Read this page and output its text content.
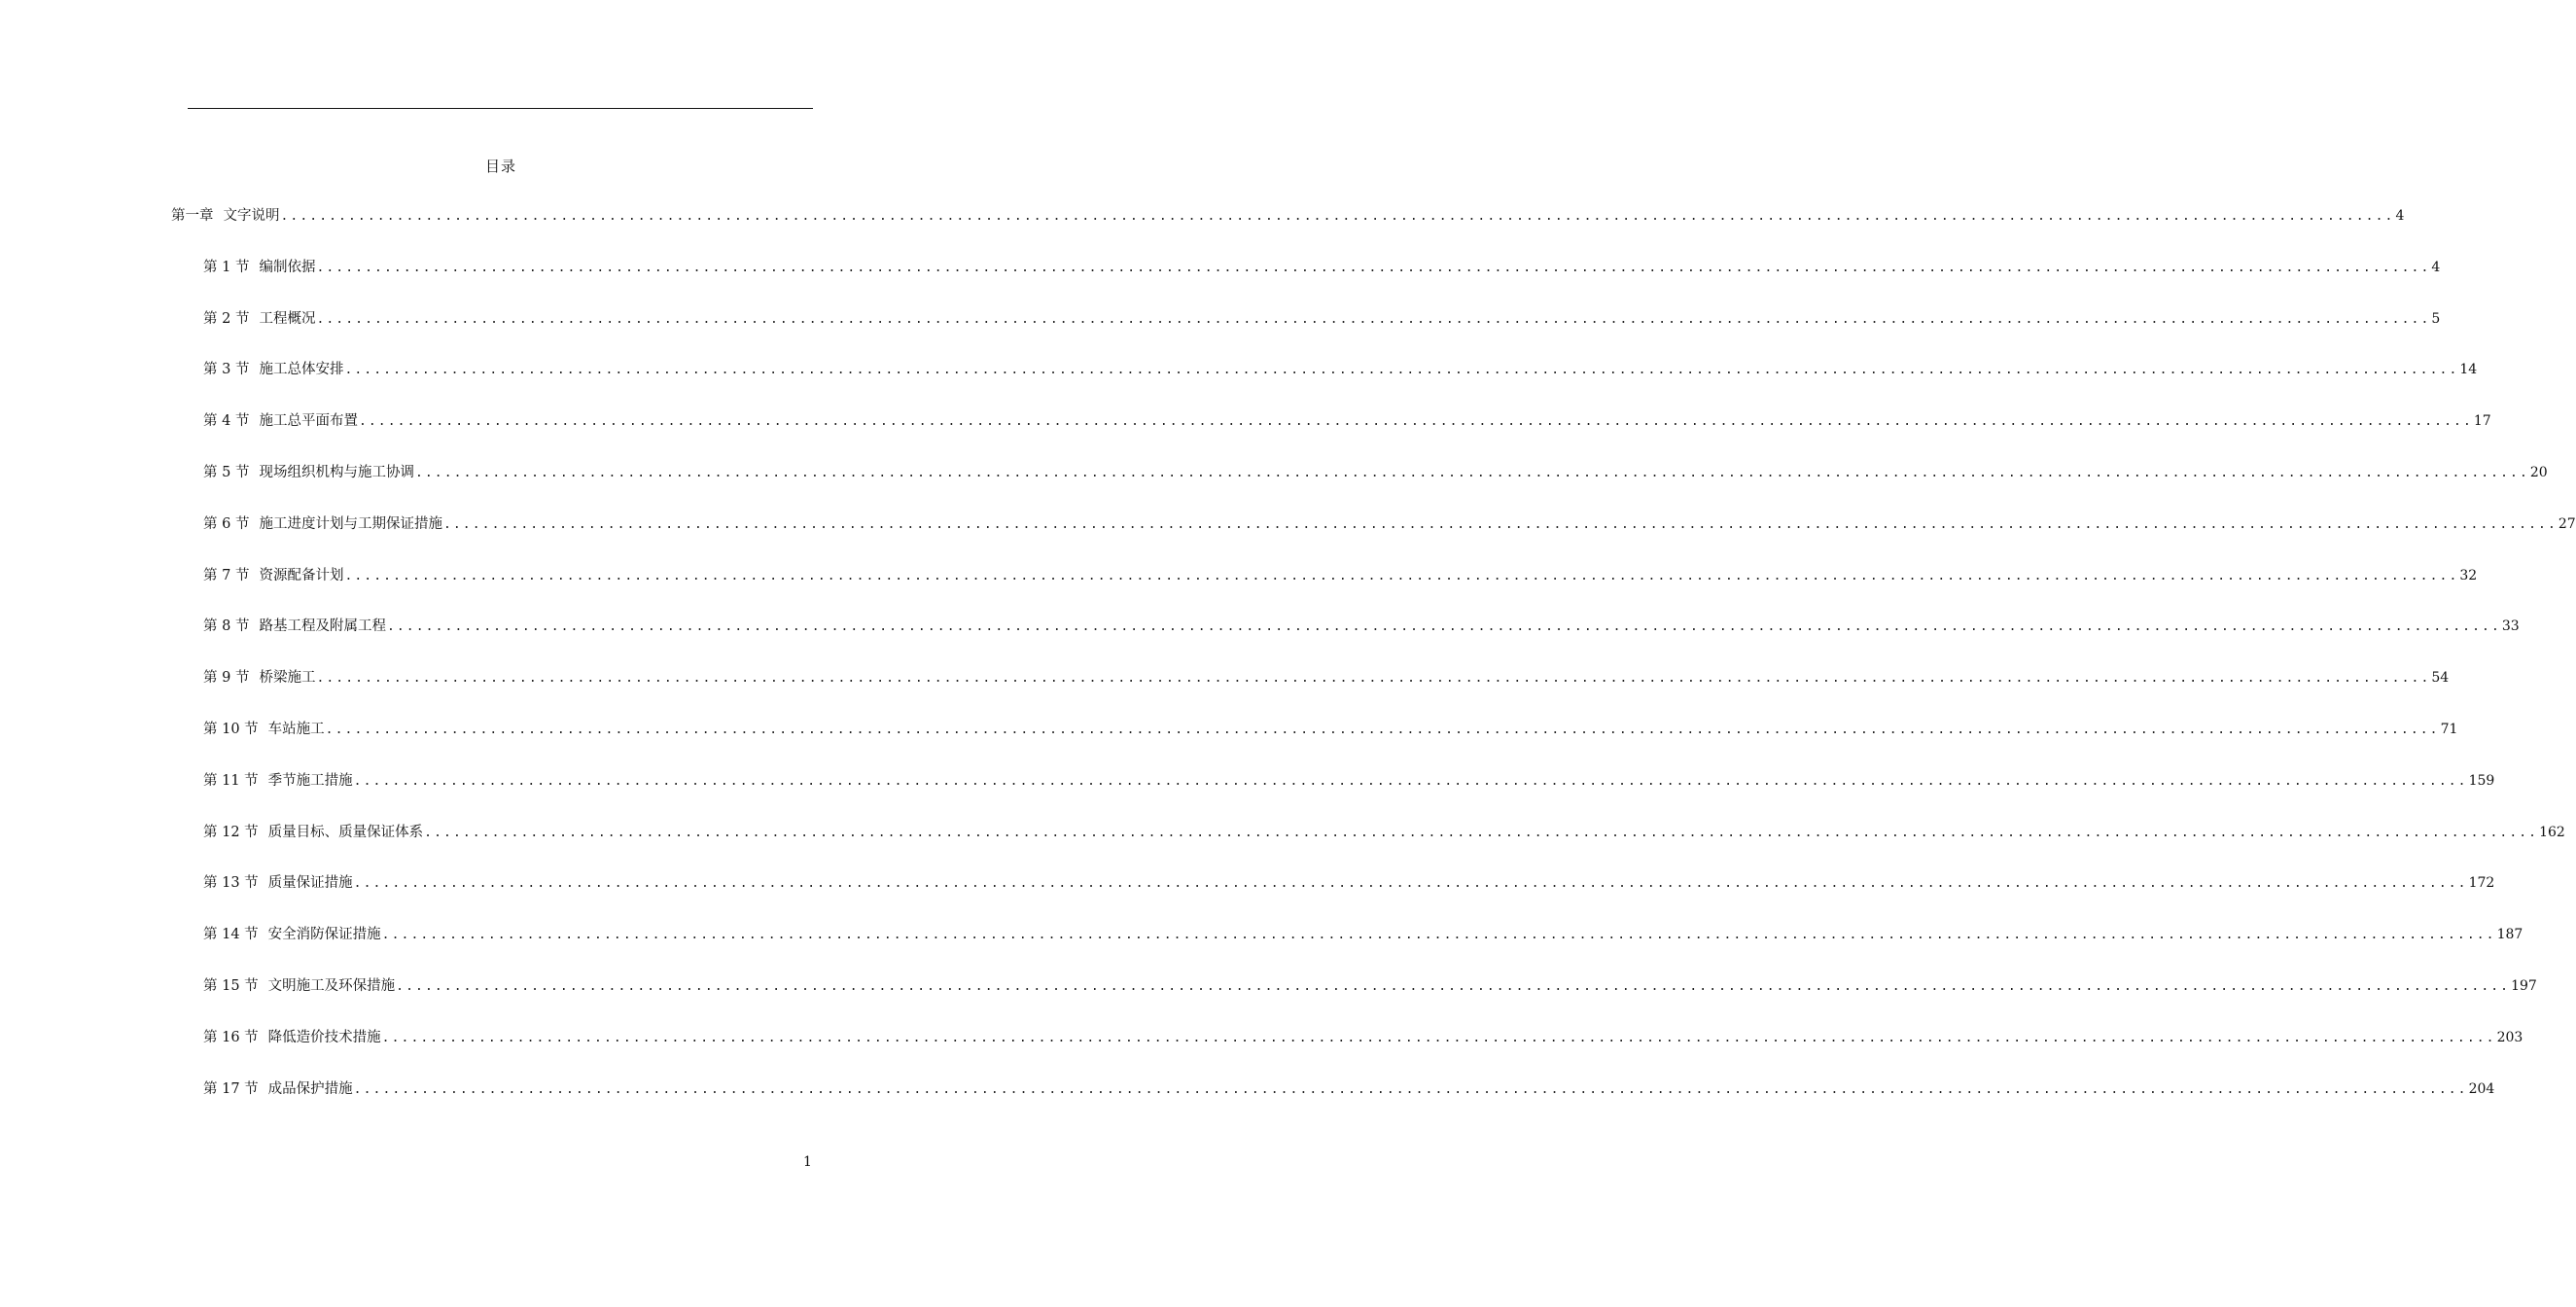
目录
第一章 文字说明 ........................................................................................................................................................................................................................... 4
第 1 节 编制依据 ........................................................................................................................................................................................................................... 4
第 2 节 工程概况 ........................................................................................................................................................................................................................... 5
第 3 节 施工总体安排 ........................................................................................................................................................................................................................... 14
第 4 节 施工总平面布置 ........................................................................................................................................................................................................................... 17
第 5 节 现场组织机构与施工协调 ........................................................................................................................................................................................................................... 20
第 6 节 施工进度计划与工期保证措施 ........................................................................................................................................................................................................................... 27
第 7 节 资源配备计划 ........................................................................................................................................................................................................................... 32
第 8 节 路基工程及附属工程 ........................................................................................................................................................................................................................... 33
第 9 节 桥梁施工 ........................................................................................................................................................................................................................... 54
第 10 节 车站施工 ........................................................................................................................................................................................................................... 71
第 11 节 季节施工措施 ........................................................................................................................................................................................................................... 159
第 12 节 质量目标、质量保证体系 ........................................................................................................................................................................................................................... 162
第 13 节 质量保证措施 ........................................................................................................................................................................................................................... 172
第 14 节 安全消防保证措施 ........................................................................................................................................................................................................................... 187
第 15 节 文明施工及环保措施 ........................................................................................................................................................................................................................... 197
第 16 节 降低造价技术措施 ........................................................................................................................................................................................................................... 203
第 17 节 成品保护措施 ........................................................................................................................................................................................................................... 204
1
